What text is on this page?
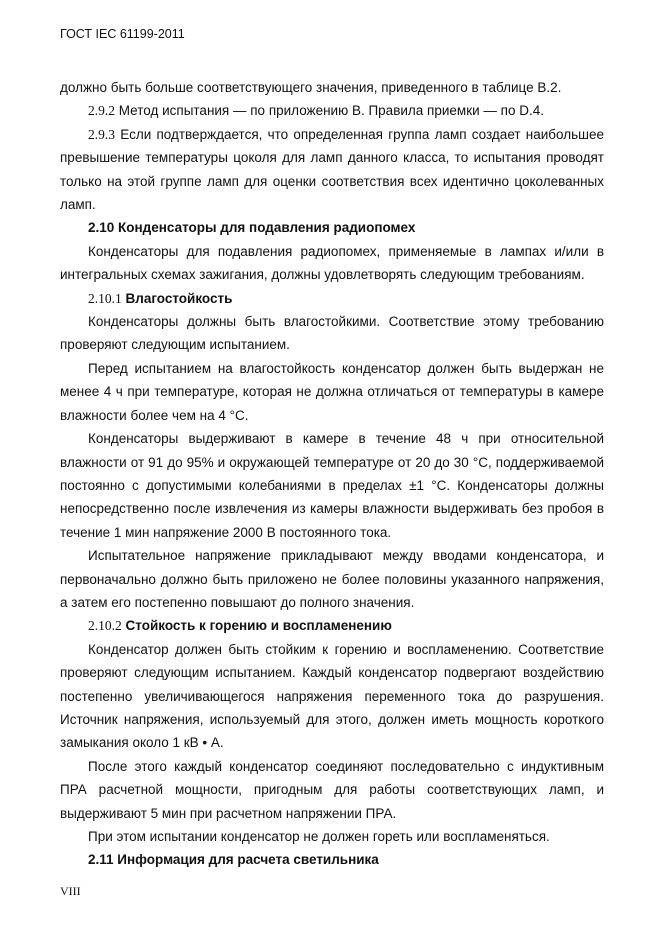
ГОСТ IEC 61199-2011

должно быть больше соответствующего значения, приведенного в таблице В.2.

2.9.2 Метод испытания — по приложению В. Правила приемки — по D.4.

2.9.3 Если подтверждается, что определенная группа ламп создает наибольшее превышение температуры цоколя для ламп данного класса, то испытания проводят только на этой группе ламп для оценки соответствия всех идентично цоколеванных ламп.

2.10 Конденсаторы для подавления радиопомех

Конденсаторы для подавления радиопомех, применяемые в лампах и/или в интегральных схемах зажигания, должны удовлетворять следующим требованиям.

2.10.1 Влагостойкость

Конденсаторы должны быть влагостойкими. Соответствие этому требованию проверяют следующим испытанием.

Перед испытанием на влагостойкость конденсатор должен быть выдержан не менее 4 ч при температуре, которая не должна отличаться от температуры в камере влажности более чем на 4 °С.

Конденсаторы выдерживают в камере в течение 48 ч при относительной влажности от 91 до 95% и окружающей температуре от 20 до 30 °С, поддерживаемой постоянно с допустимыми колебаниями в пределах ±1 °С. Конденсаторы должны непосредственно после извлечения из камеры влажности выдерживать без пробоя в течение 1 мин напряжение 2000 В постоянного тока.

Испытательное напряжение прикладывают между вводами конденсатора, и первоначально должно быть приложено не более половины указанного напряжения, а затем его постепенно повышают до полного значения.

2.10.2 Стойкость к горению и воспламенению

Конденсатор должен быть стойким к горению и воспламенению. Соответствие проверяют следующим испытанием. Каждый конденсатор подвергают воздействию постепенно увеличивающегося напряжения переменного тока до разрушения. Источник напряжения, используемый для этого, должен иметь мощность короткого замыкания около 1 кВ • А.

После этого каждый конденсатор соединяют последовательно с индуктивным ПРА расчетной мощности, пригодным для работы соответствующих ламп, и выдерживают 5 мин при расчетном напряжении ПРА.

При этом испытании конденсатор не должен гореть или воспламеняться.

2.11 Информация для расчета светильника

VIII
